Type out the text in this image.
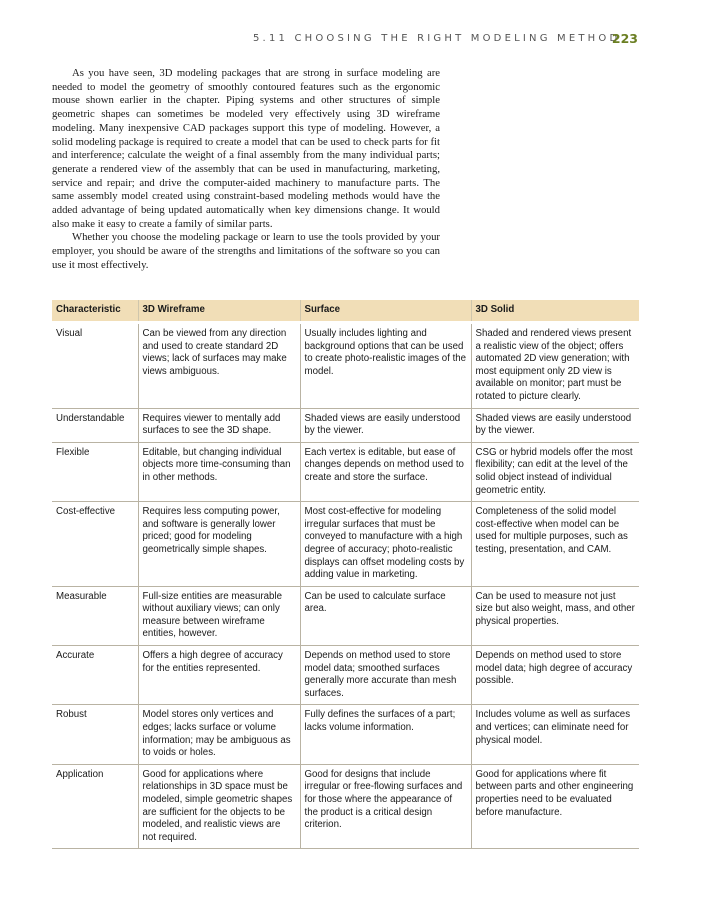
5.11 CHOOSING THE RIGHT MODELING METHOD
223

As you have seen, 3D modeling packages that are strong in surface modeling are needed to model the geometry of smoothly contoured features such as the ergonomic mouse shown earlier in the chapter. Piping systems and other structures of simple geometric shapes can sometimes be modeled very effectively using 3D wireframe modeling. Many inexpensive CAD packages support this type of modeling. However, a solid modeling package is required to create a model that can be used to check parts for fit and interference; calculate the weight of a final assembly from the many individual parts; generate a rendered view of the assembly that can be used in manufacturing, marketing, service and repair; and drive the computer-aided machinery to manufacture parts. The same assembly model created using constraint-based modeling methods would have the added advantage of being updated automatically when key dimensions change. It would also make it easy to create a family of similar parts.

Whether you choose the modeling package or learn to use the tools provided by your employer, you should be aware of the strengths and limitations of the software so you can use it most effectively.

Characteristic	3D Wireframe	Surface	3D Solid
Visual	Can be viewed from any direction and used to create standard 2D views; lack of surfaces may make views ambiguous.	Usually includes lighting and background options that can be used to create photo-realistic images of the model.	Shaded and rendered views present a realistic view of the object; offers automated 2D view generation; with most equipment only 2D view is available on monitor; part must be rotated to picture clearly.
Understandable	Requires viewer to mentally add surfaces to see the 3D shape.	Shaded views are easily understood by the viewer.	Shaded views are easily understood by the viewer.
Flexible	Editable, but changing individual objects more time-consuming than in other methods.	Each vertex is editable, but ease of changes depends on method used to create and store the surface.	CSG or hybrid models offer the most flexibility; can edit at the level of the solid object instead of individual geometric entity.
Cost-effective	Requires less computing power, and software is generally lower priced; good for modeling geometrically simple shapes.	Most cost-effective for modeling irregular surfaces that must be conveyed to manufacture with a high degree of accuracy; photo-realistic displays can offset modeling costs by adding value in marketing.	Completeness of the solid model cost-effective when model can be used for multiple purposes, such as testing, presentation, and CAM.
Measurable	Full-size entities are measurable without auxiliary views; can only measure between wireframe entities, however.	Can be used to calculate surface area.	Can be used to measure not just size but also weight, mass, and other physical properties.
Accurate	Offers a high degree of accuracy for the entities represented.	Depends on method used to store model data; smoothed surfaces generally more accurate than mesh surfaces.	Depends on method used to store model data; high degree of accuracy possible.
Robust	Model stores only vertices and edges; lacks surface or volume information; may be ambiguous as to voids or holes.	Fully defines the surfaces of a part; lacks volume information.	Includes volume as well as surfaces and vertices; can eliminate need for physical model.
Application	Good for applications where relationships in 3D space must be modeled, simple geometric shapes are sufficient for the objects to be modeled, and realistic views are not required.	Good for designs that include irregular or free-flowing surfaces and for those where the appearance of the product is a critical design criterion.	Good for applications where fit between parts and other engineering properties need to be evaluated before manufacture.
